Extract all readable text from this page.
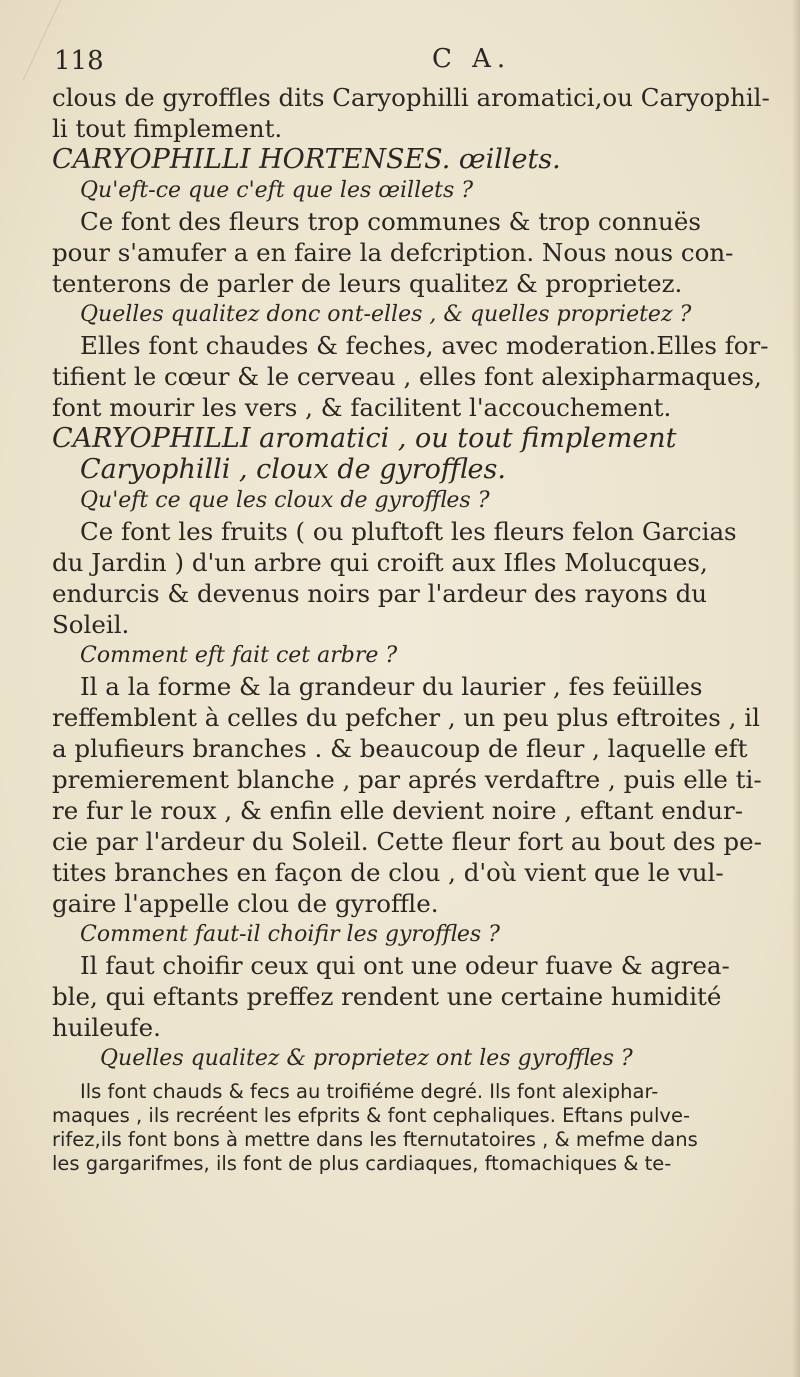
118	C A.
clous de gyroffles dits Caryophilli aromatici,ou Caryophil-
li tout fimplement.
CARYOPHILLI HORTENSES. œillets.
Qu'eft-ce que c'eft que les œillets ?
Ce font des fleurs trop communes & trop connuës
pour s'amufer a en faire la defcription. Nous nous con-
tenterons de parler de leurs qualitez & proprietez.
Quelles qualitez donc ont-elles , & quelles proprietez ?
Elles font chaudes & feches, avec moderation.Elles for-
tifient le cœur & le cerveau , elles font alexipharmaques,
font mourir les vers , & facilitent l'accouchement.
CARYOPHILLI aromatici , ou tout fimplement
Caryophilli , cloux de gyroffles.
Qu'eft ce que les cloux de gyroffles ?
Ce font les fruits ( ou pluftoft les fleurs felon Garcias
du Jardin ) d'un arbre qui croift aux Ifles Molucques,
endurcis & devenus noirs par l'ardeur des rayons du
Soleil.
Comment eft fait cet arbre ?
Il a la forme & la grandeur du laurier , fes feüilles
reffemblent à celles du pefcher , un peu plus eftroites , il
a plufieurs branches . & beaucoup de fleur , laquelle eft
premierement blanche , par aprés verdaftre , puis elle ti-
re fur le roux , & enfin elle devient noire , eftant endur-
cie par l'ardeur du Soleil. Cette fleur fort au bout des pe-
tites branches en façon de clou , d'où vient que le vul-
gaire l'appelle clou de gyroffle.
Comment faut-il choifir les gyroffles ?
Il faut choifir ceux qui ont une odeur fuave & agrea-
ble, qui eftants preffez rendent une certaine humidité
huileufe.
Quelles qualitez & proprietez ont les gyroffles ?
Ils font chauds & fecs au troifiéme degré. Ils font alexiphar-
maques , ils recréent les efprits & font cephaliques. Eftans pulve-
rifez,ils font bons à mettre dans les fternutatoires , & mefme dans
les gargarifmes, ils font de plus cardiaques, ftomachiques & te-
